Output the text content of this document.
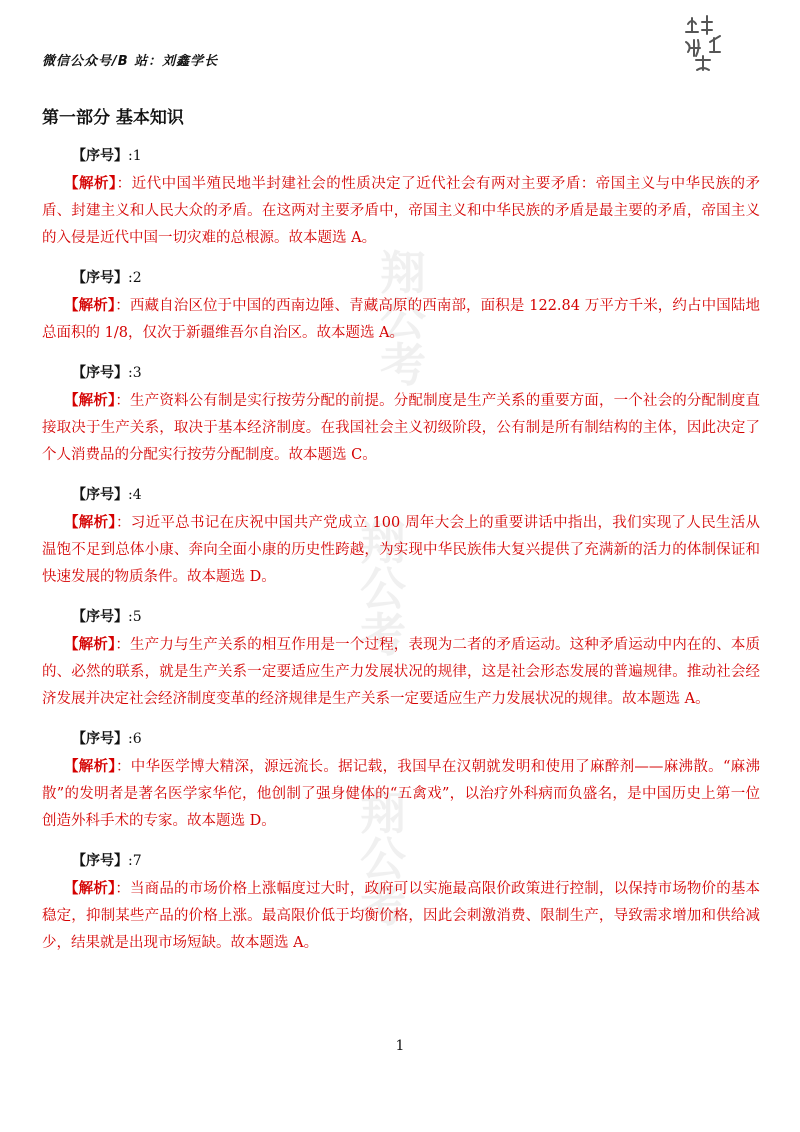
微信公众号/B 站：刘鑫学长
翔
公
考
翔
公
考
翔
公
考
第一部分 基本知识
【序号】:1
【解析】：近代中国半殖民地半封建社会的性质决定了近代社会有两对主要矛盾：帝国主义与中华民族的矛盾、封建主义和人民大众的矛盾。在这两对主要矛盾中，帝国主义和中华民族的矛盾是最主要的矛盾，帝国主义的入侵是近代中国一切灾难的总根源。故本题选 A。
【序号】:2
【解析】：西藏自治区位于中国的西南边陲、青藏高原的西南部，面积是 122.84 万平方千米，约占中国陆地总面积的 1/8，仅次于新疆维吾尔自治区。故本题选 A。
【序号】:3
【解析】：生产资料公有制是实行按劳分配的前提。分配制度是生产关系的重要方面，一个社会的分配制度直接取决于生产关系，取决于基本经济制度。在我国社会主义初级阶段，公有制是所有制结构的主体，因此决定了个人消费品的分配实行按劳分配制度。故本题选 C。
【序号】:4
【解析】：习近平总书记在庆祝中国共产党成立 100 周年大会上的重要讲话中指出，我们实现了人民生活从温饱不足到总体小康、奔向全面小康的历史性跨越，为实现中华民族伟大复兴提供了充满新的活力的体制保证和快速发展的物质条件。故本题选 D。
【序号】:5
【解析】：生产力与生产关系的相互作用是一个过程，表现为二者的矛盾运动。这种矛盾运动中内在的、本质的、必然的联系，就是生产关系一定要适应生产力发展状况的规律，这是社会形态发展的普遍规律。推动社会经济发展并决定社会经济制度变革的经济规律是生产关系一定要适应生产力发展状况的规律。故本题选 A。
【序号】:6
【解析】：中华医学博大精深，源远流长。据记载，我国早在汉朝就发明和使用了麻醉剂——麻沸散。“麻沸散”的发明者是著名医学家华佗，他创制了强身健体的“五禽戏”，以治疗外科病而负盛名，是中国历史上第一位创造外科手术的专家。故本题选 D。
【序号】:7
【解析】：当商品的市场价格上涨幅度过大时，政府可以实施最高限价政策进行控制，以保持市场物价的基本稳定，抑制某些产品的价格上涨。最高限价低于均衡价格，因此会刺激消费、限制生产，导致需求增加和供给减少，结果就是出现市场短缺。故本题选 A。
1
